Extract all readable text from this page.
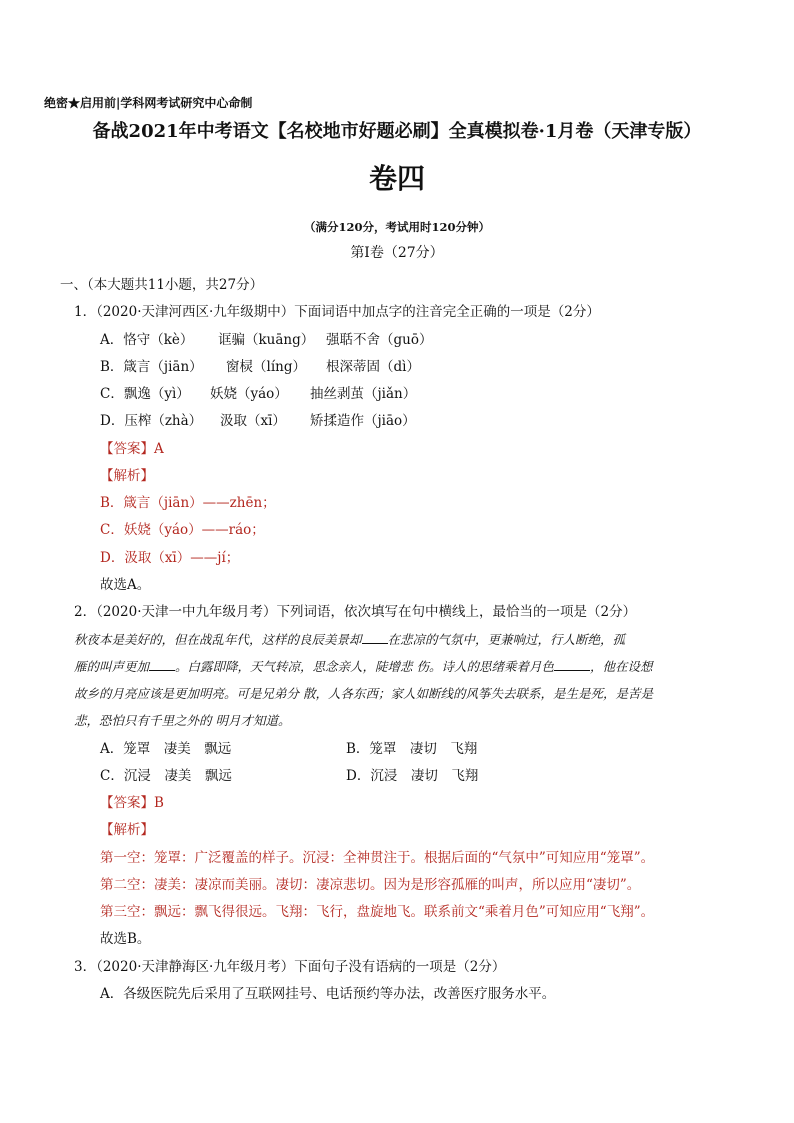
绝密★启用前|学科网考试研究中心命制
备战2021年中考语文【名校地市好题必刷】全真模拟卷·1月卷（天津专版）
卷四
（满分120分，考试用时120分钟）
第Ⅰ卷（27分）
一、（本大题共11小题，共27分）
1．（2020·天津河西区·九年级期中）下面词语中加点字的注音完全正确的一项是（2分）
A．恪守（kè） 诓骗（kuāng） 强聒不舍（guō）
B．箴言（jiān） 窗棂（líng） 根深蒂固（dì）
C．飘逸（yì） 妖娆（yáo） 抽丝剥茧（jiǎn）
D．压榨（zhà） 汲取（xī） 矫揉造作（jiāo）
【答案】A
【解析】
B．箴言（jiān）——zhēn；
C．妖娆（yáo）——ráo；
D．汲取（xī）——jí；
故选A。
2．（2020·天津一中九年级月考）下列词语，依次填写在句中横线上，最恰当的一项是（2分）
秋夜本是美好的，但在战乱年代，这样的良辰美景却 在悲凉的气氛中，更兼响过，行人断绝，孤
雁的叫声更加 。白露即降，天气转凉，思念亲人，陡增悲 伤。诗人的思绪乘着月色	，他在设想
故乡的月亮应该是更加明亮。可是兄弟分 散，人各东西；家人如断线的风筝失去联系，是生是死，是苦是
悲，恐怕只有千里之外的 明月才知道。
A．笼罩　凄美　飘远	B．笼罩　凄切　飞翔
C．沉浸　凄美　飘远	D．沉浸　凄切　飞翔
【答案】B
【解析】
第一空：笼罩：广泛覆盖的样子。沉浸：全神贯注于。根据后面的“气氛中”可知应用“笼罩”。
第二空：凄美：凄凉而美丽。凄切：凄凉悲切。因为是形容孤雁的叫声，所以应用“凄切”。
第三空：飘远：飘飞得很远。飞翔：飞行，盘旋地飞。联系前文“乘着月色”可知应用“飞翔”。
故选B。
3．（2020·天津静海区·九年级月考）下面句子没有语病的一项是（2分）
A．各级医院先后采用了互联网挂号、电话预约等办法，改善医疗服务水平。
